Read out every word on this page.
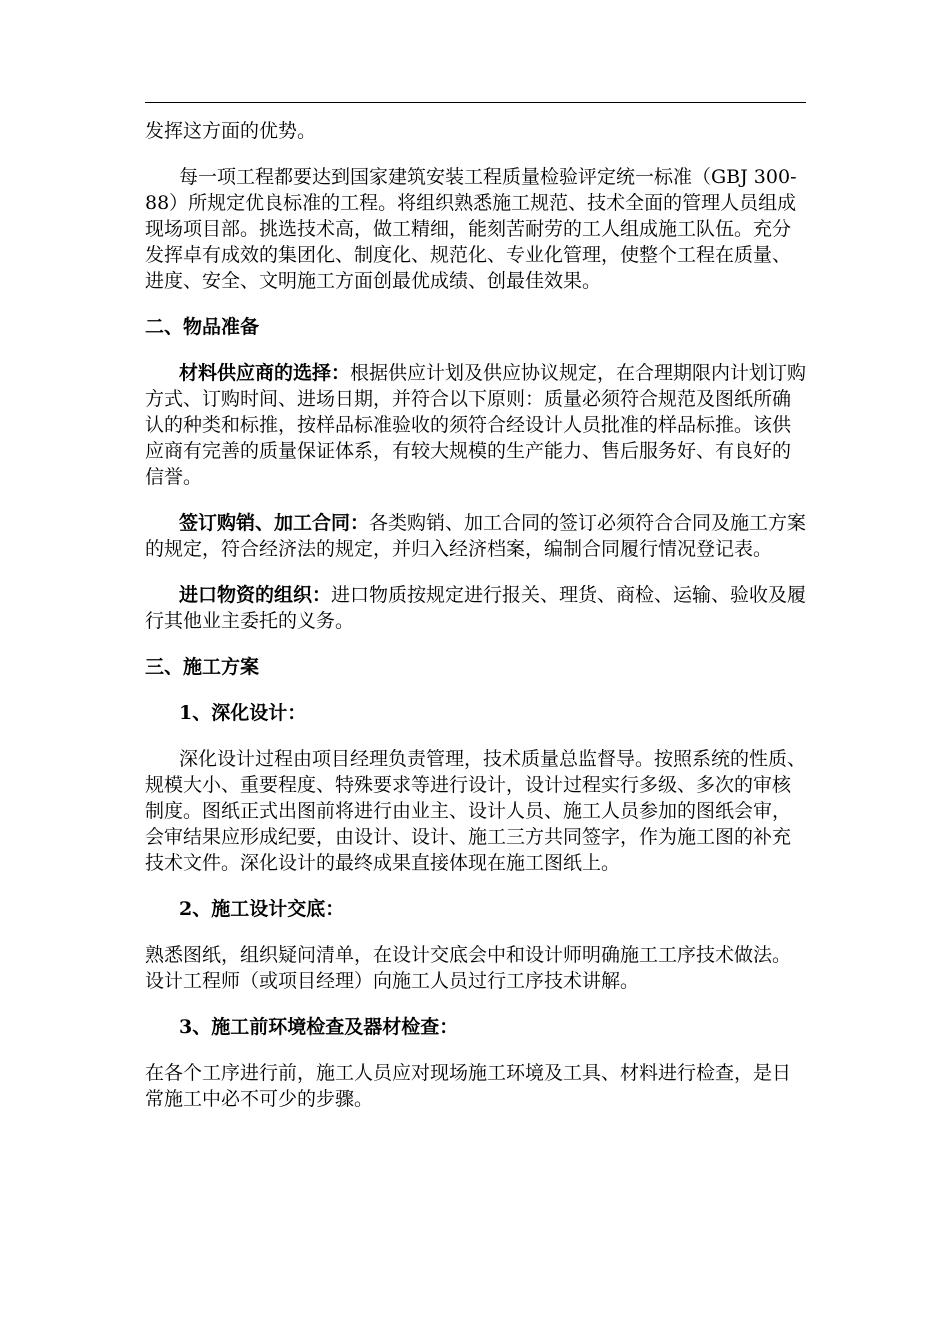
发挥这方面的优势。

每一项工程都要达到国家建筑安装工程质量检验评定统一标准（GBJ 300-88）所规定优良标准的工程。将组织熟悉施工规范、技术全面的管理人员组成现场项目部。挑选技术高，做工精细，能刻苦耐劳的工人组成施工队伍。充分发挥卓有成效的集团化、制度化、规范化、专业化管理，使整个工程在质量、进度、安全、文明施工方面创最优成绩、创最佳效果。

二、物品准备

材料供应商的选择：根据供应计划及供应协议规定，在合理期限内计划订购方式、订购时间、进场日期，并符合以下原则：质量必须符合规范及图纸所确认的种类和标推，按样品标准验收的须符合经设计人员批准的样品标推。该供应商有完善的质量保证体系，有较大规模的生产能力、售后服务好、有良好的信誉。

签订购销、加工合同：各类购销、加工合同的签订必须符合合同及施工方案的规定，符合经济法的规定，并归入经济档案，编制合同履行情况登记表。

进口物资的组织：进口物质按规定进行报关、理货、商检、运输、验收及履行其他业主委托的义务。

三、施工方案

1、深化设计：

深化设计过程由项目经理负责管理，技术质量总监督导。按照系统的性质、规模大小、重要程度、特殊要求等进行设计，设计过程实行多级、多次的审核制度。图纸正式出图前将进行由业主、设计人员、施工人员参加的图纸会审，会审结果应形成纪要，由设计、设计、施工三方共同签字，作为施工图的补充技术文件。深化设计的最终成果直接体现在施工图纸上。

2、施工设计交底：

熟悉图纸，组织疑问清单，在设计交底会中和设计师明确施工工序技术做法。设计工程师（或项目经理）向施工人员过行工序技术讲解。

3、施工前环境检查及器材检查：

在各个工序进行前，施工人员应对现场施工环境及工具、材料进行检查，是日常施工中必不可少的步骤。
